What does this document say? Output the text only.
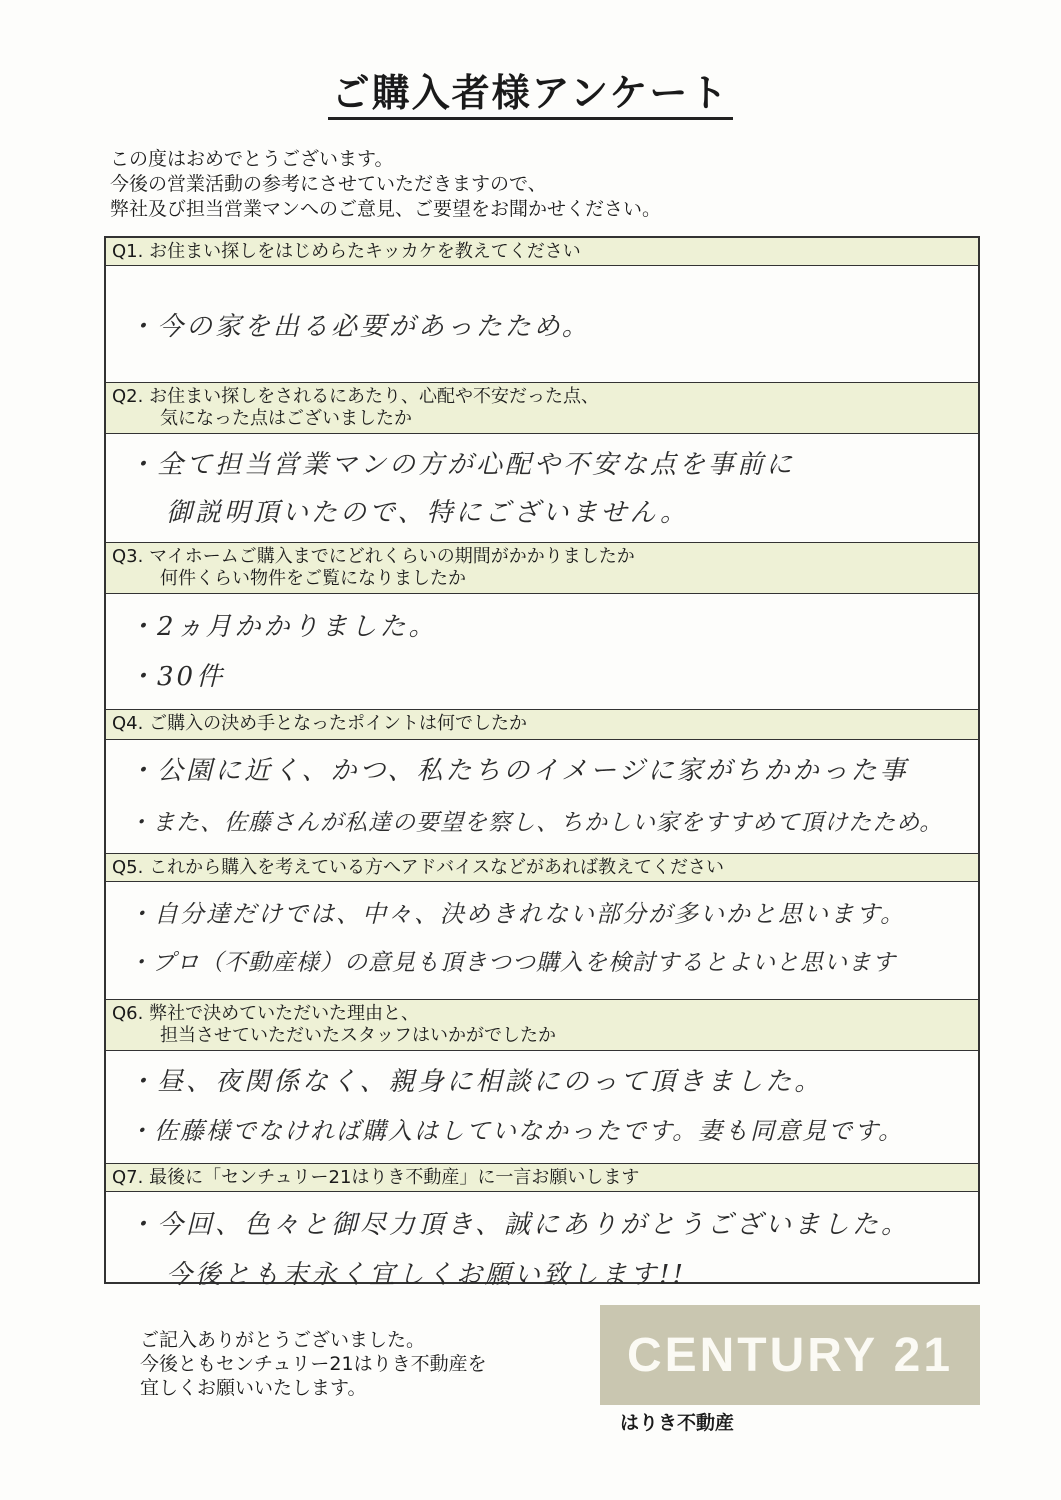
ご購入者様アンケート
この度はおめでとうございます。
今後の営業活動の参考にさせていただきますので、
弊社及び担当営業マンへのご意見、ご要望をお聞かせください。
Q1. お住まい探しをはじめらたキッカケを教えてください
・今の家を出る必要があったため。
Q2. お住まい探しをされるにあたり、心配や不安だった点、
気になった点はございましたか
・全て担当営業マンの方が心配や不安な点を事前に
御説明頂いたので、特にございません。
Q3. マイホームご購入までにどれくらいの期間がかかりましたか
何件くらい物件をご覧になりましたか
・2ヵ月かかりました。
・30件
Q4. ご購入の決め手となったポイントは何でしたか
・公園に近く、かつ、私たちのイメージに家がちかかった事
・また、佐藤さんが私達の要望を察し、ちかしい家をすすめて頂けたため。
Q5. これから購入を考えている方へアドバイスなどがあれば教えてください
・自分達だけでは、中々、決めきれない部分が多いかと思います。
・プロ（不動産様）の意見も頂きつつ購入を検討するとよいと思います
Q6. 弊社で決めていただいた理由と、
担当させていただいたスタッフはいかがでしたか
・昼、夜関係なく、親身に相談にのって頂きました。
・佐藤様でなければ購入はしていなかったです。妻も同意見です。
Q7. 最後に「センチュリー21はりき不動産」に一言お願いします
・今回、色々と御尽力頂き、誠にありがとうございました。
今後とも末永く宜しくお願い致します!!
ご記入ありがとうございました。
今後ともセンチュリー21はりき不動産を
宜しくお願いいたします。
CENTURY 21
はりき不動産
